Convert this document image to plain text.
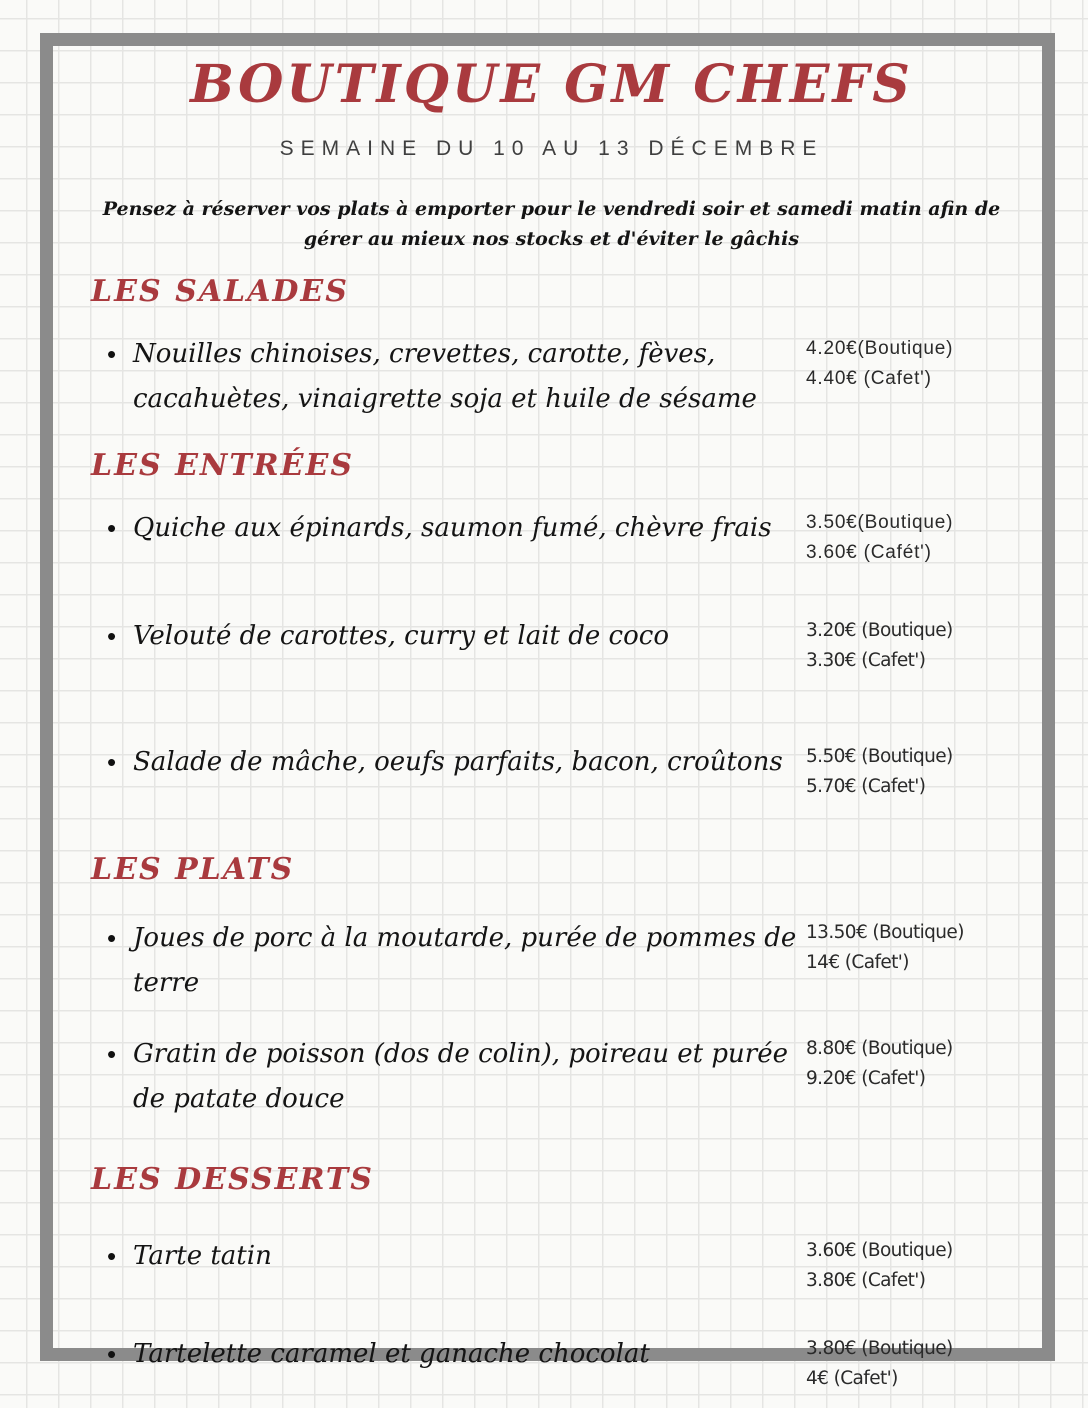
BOUTIQUE GM CHEFS
SEMAINE DU 10 AU 13 DÉCEMBRE
Pensez à réserver vos plats à emporter pour le vendredi soir et samedi matin afin de gérer au mieux nos stocks et d'éviter le gâchis
LES SALADES
• Nouilles chinoises, crevettes, carotte, fèves, cacahuètes, vinaigrette soja et huile de sésame
4.20€(Boutique)
4.40€ (Cafet')
LES ENTRÉES
• Quiche aux épinards, saumon fumé, chèvre frais	3.50€(Boutique)
3.60€ (Cafét')
• Velouté de carottes, curry et lait de coco	3.20€ (Boutique)
3.30€ (Cafet')
• Salade de mâche, oeufs parfaits, bacon, croûtons	5.50€ (Boutique)
5.70€ (Cafet')
LES PLATS
• Joues de porc à la moutarde, purée de pommes de terre
13.50€ (Boutique)
14€ (Cafet')
• Gratin de poisson (dos de colin), poireau et purée de patate douce
8.80€ (Boutique)
9.20€ (Cafet')
LES DESSERTS
• Tarte tatin	3.60€ (Boutique)
3.80€ (Cafet')
• Tartelette caramel et ganache chocolat	3.80€ (Boutique)
4€ (Cafet')
